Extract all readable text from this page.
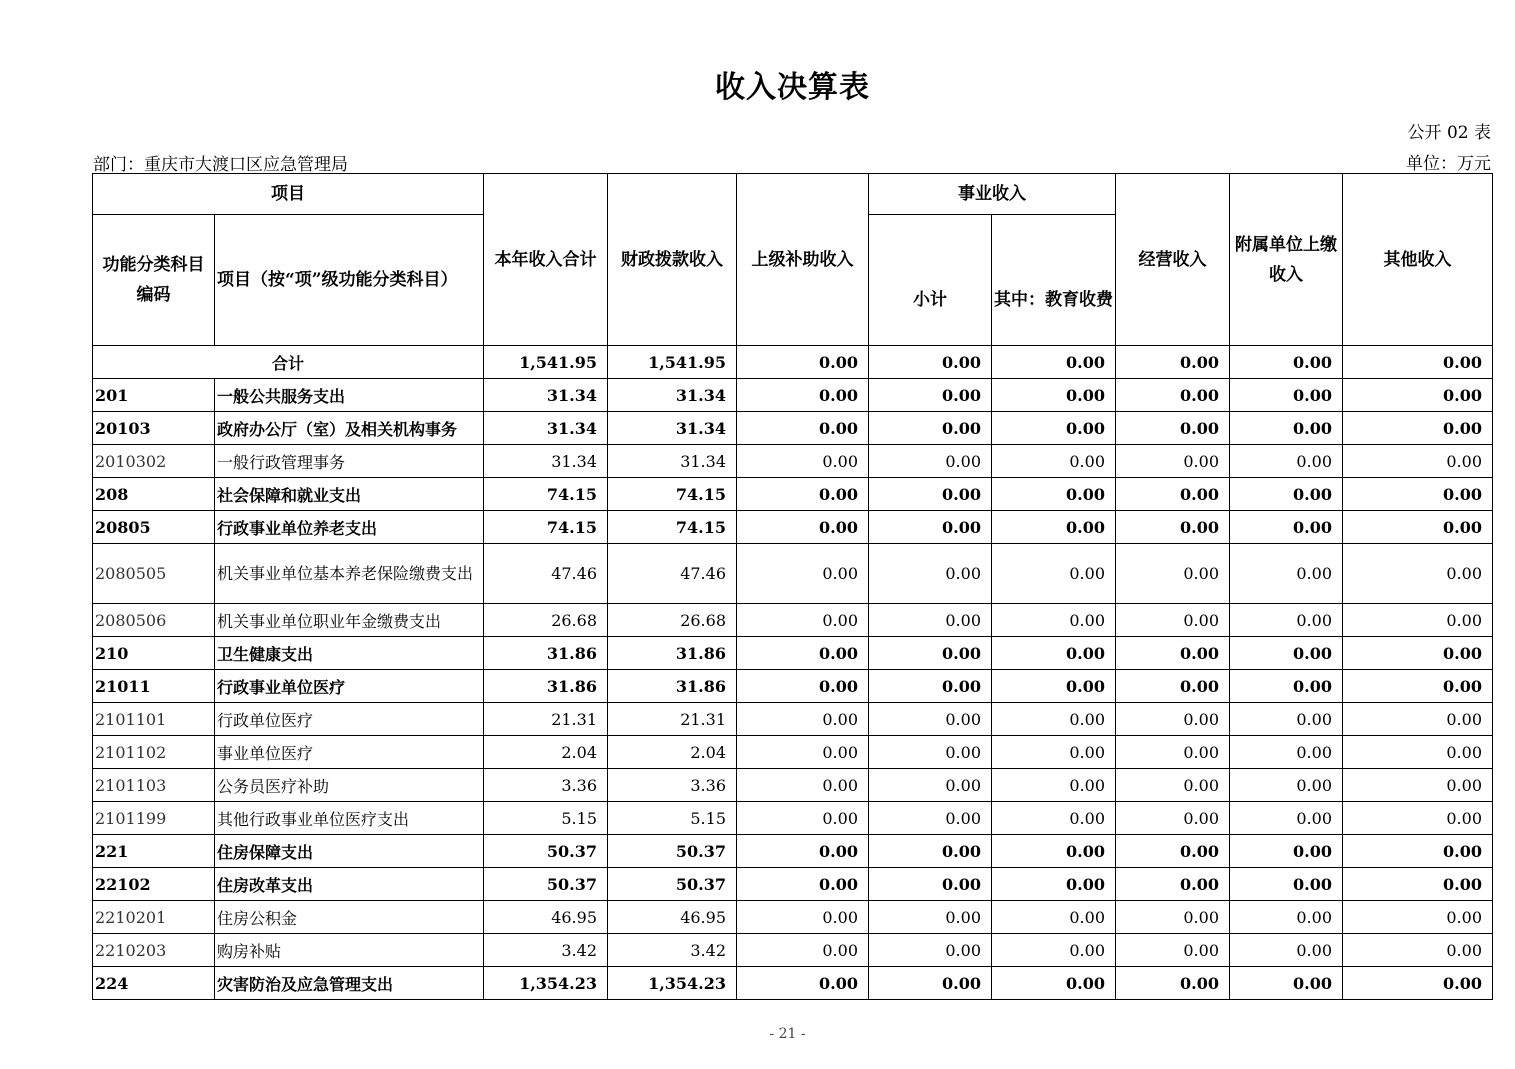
收入决算表
公开 02 表
部门：重庆市大渡口区应急管理局	单位：万元
项目		本年收入合计	财政拨款收入	上级补助收入	事业收入		经营收入	附属单位上缴收入	其他收入
功能分类科目编码	项目（按“项”级功能分类科目）				小计	其中：教育收费			
合计		1,541.95	1,541.95	0.00	0.00	0.00	0.00	0.00	0.00
201	一般公共服务支出	31.34	31.34	0.00	0.00	0.00	0.00	0.00	0.00
20103	政府办公厅（室）及相关机构事务	31.34	31.34	0.00	0.00	0.00	0.00	0.00	0.00
2010302	一般行政管理事务	31.34	31.34	0.00	0.00	0.00	0.00	0.00	0.00
208	社会保障和就业支出	74.15	74.15	0.00	0.00	0.00	0.00	0.00	0.00
20805	行政事业单位养老支出	74.15	74.15	0.00	0.00	0.00	0.00	0.00	0.00
2080505	机关事业单位基本养老保险缴费支出	47.46	47.46	0.00	0.00	0.00	0.00	0.00	0.00
2080506	机关事业单位职业年金缴费支出	26.68	26.68	0.00	0.00	0.00	0.00	0.00	0.00
210	卫生健康支出	31.86	31.86	0.00	0.00	0.00	0.00	0.00	0.00
21011	行政事业单位医疗	31.86	31.86	0.00	0.00	0.00	0.00	0.00	0.00
2101101	行政单位医疗	21.31	21.31	0.00	0.00	0.00	0.00	0.00	0.00
2101102	事业单位医疗	2.04	2.04	0.00	0.00	0.00	0.00	0.00	0.00
2101103	公务员医疗补助	3.36	3.36	0.00	0.00	0.00	0.00	0.00	0.00
2101199	其他行政事业单位医疗支出	5.15	5.15	0.00	0.00	0.00	0.00	0.00	0.00
221	住房保障支出	50.37	50.37	0.00	0.00	0.00	0.00	0.00	0.00
22102	住房改革支出	50.37	50.37	0.00	0.00	0.00	0.00	0.00	0.00
2210201	住房公积金	46.95	46.95	0.00	0.00	0.00	0.00	0.00	0.00
2210203	购房补贴	3.42	3.42	0.00	0.00	0.00	0.00	0.00	0.00
224	灾害防治及应急管理支出	1,354.23	1,354.23	0.00	0.00	0.00	0.00	0.00	0.00
- 21 -
